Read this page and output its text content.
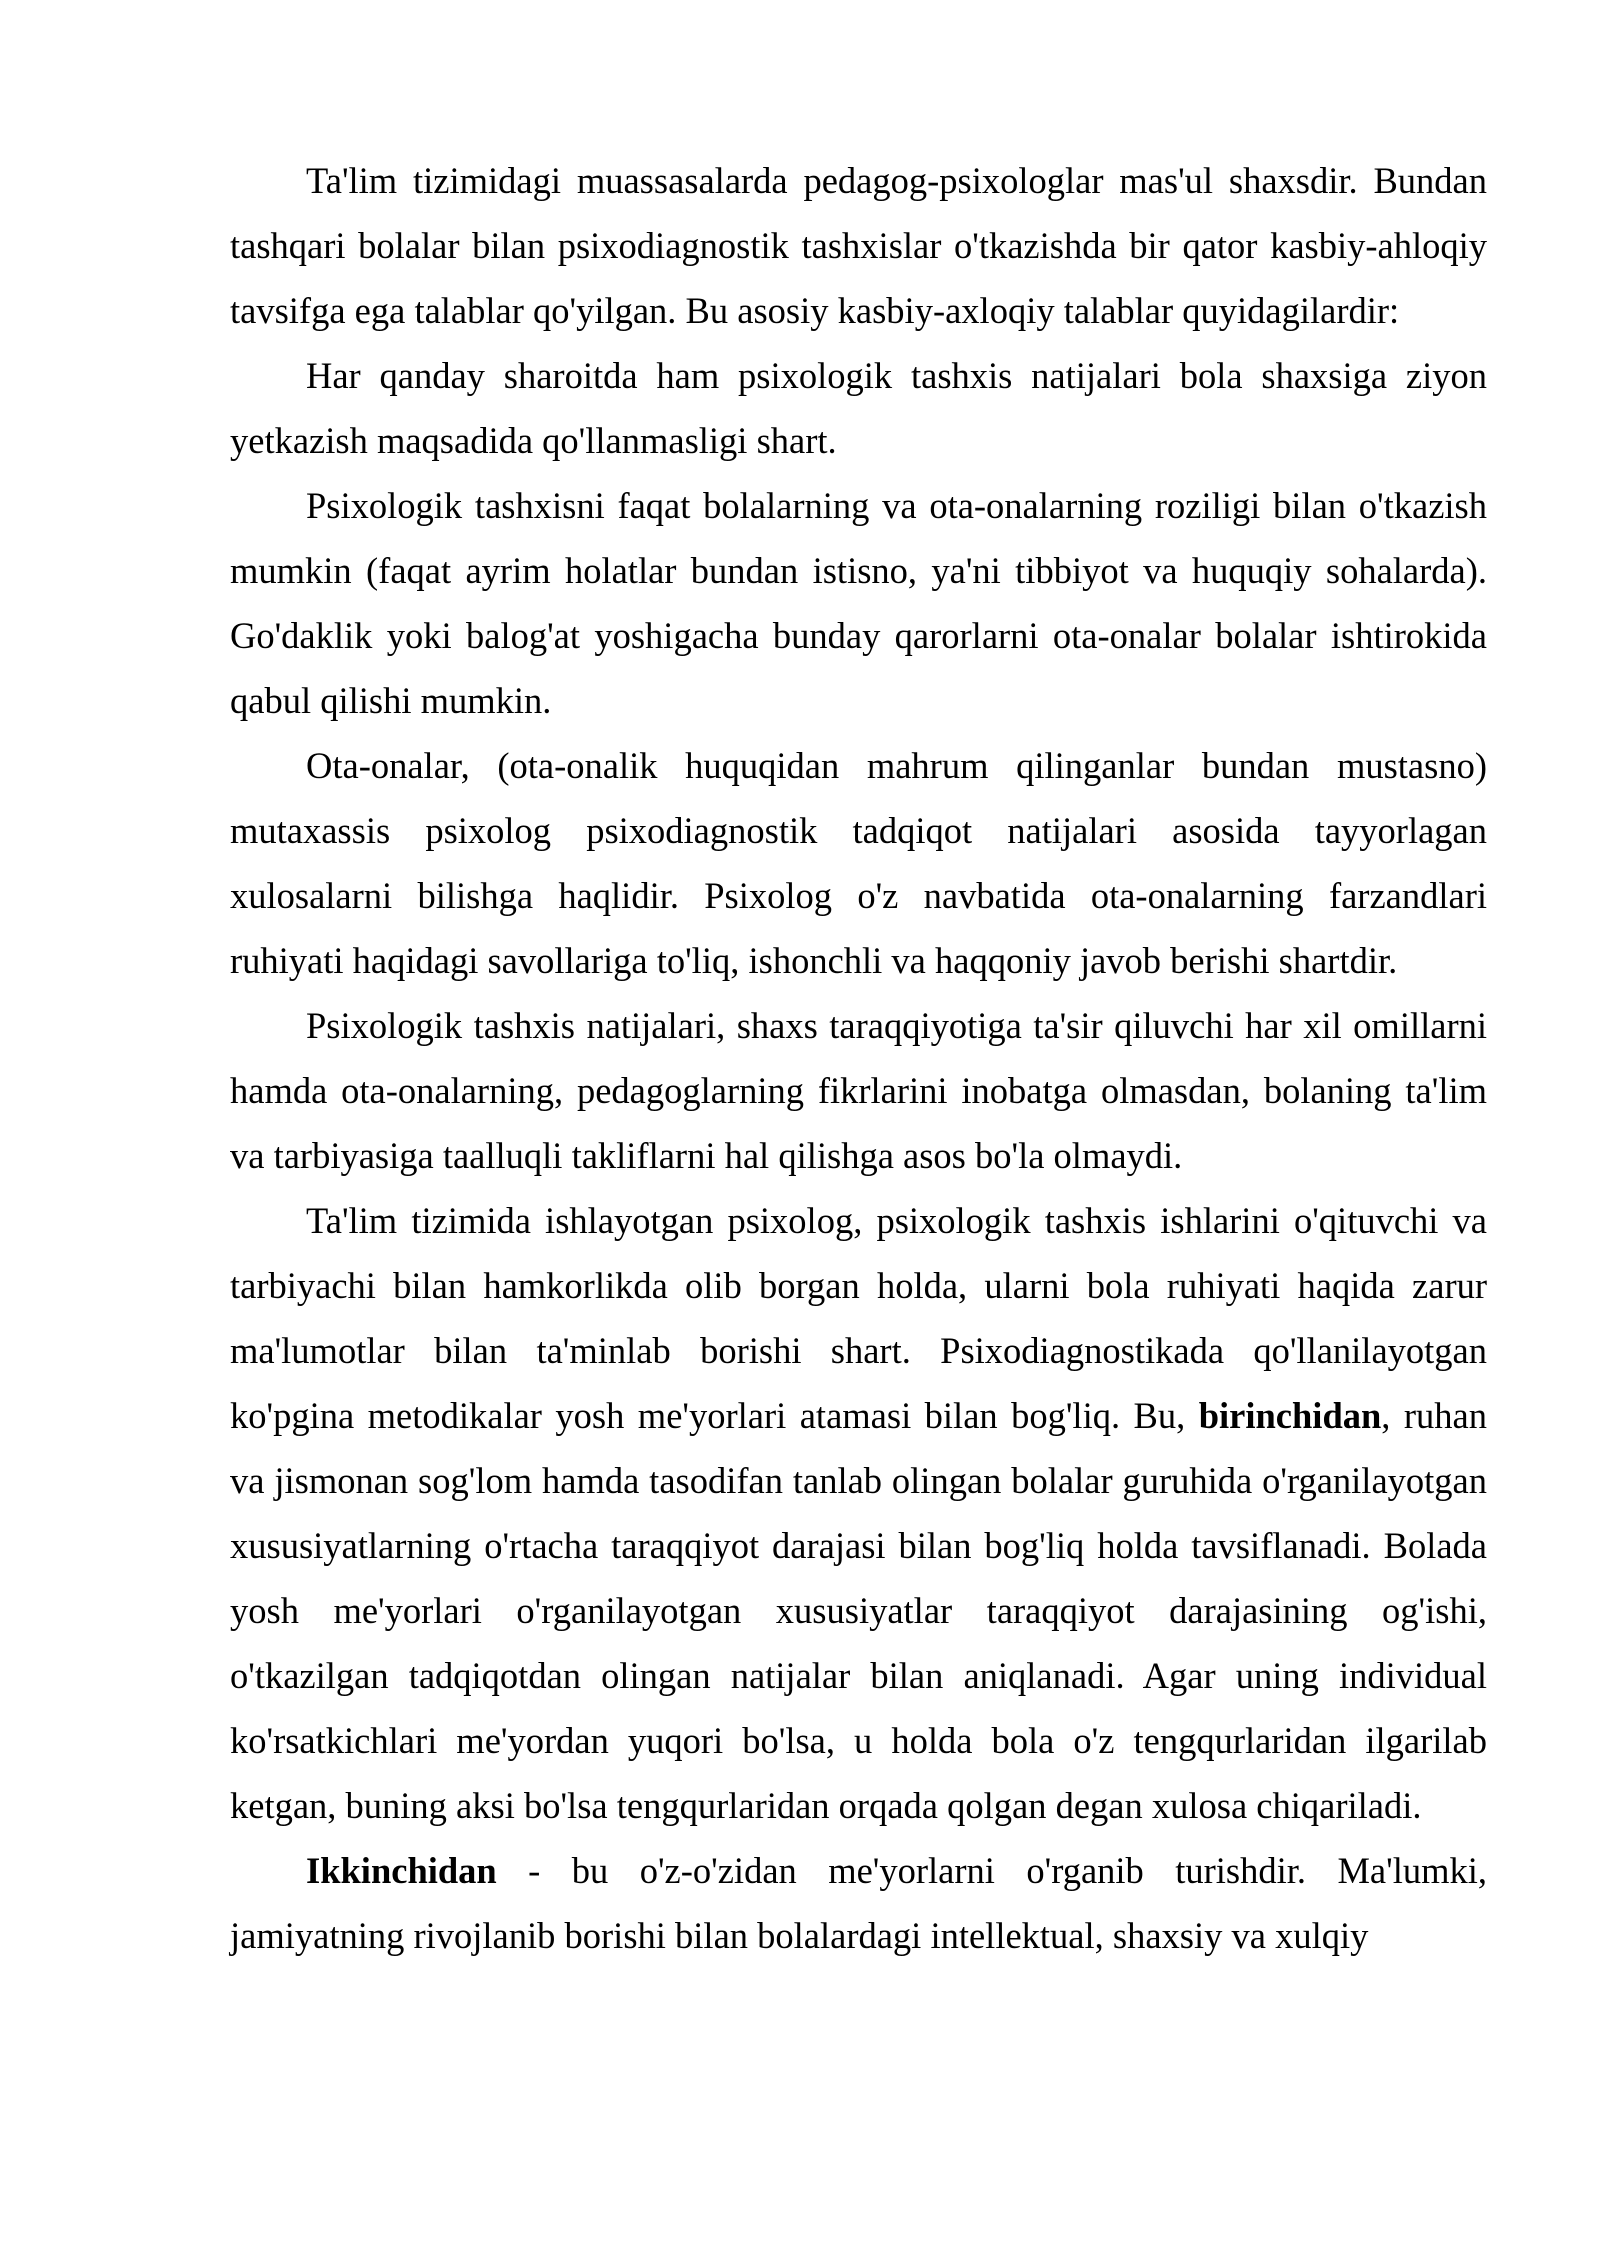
Ta'lim tizimidagi muassasalarda pedagog-psixologlar mas'ul shaxsdir. Bundan tashqari bolalar bilan psixodiagnostik tashxislar o'tkazishda bir qator kasbiy-ahloqiy tavsifga ega talablar qo'yilgan. Bu asosiy kasbiy-axloqiy talablar quyidagilardir:

Har qanday sharoitda ham psixologik tashxis natijalari bola shaxsiga ziyon yetkazish maqsadida qo'llanmasligi shart.

Psixologik tashxisni faqat bolalarning va ota-onalarning roziligi bilan o'tkazish mumkin (faqat ayrim holatlar bundan istisno, ya'ni tibbiyot va huquqiy sohalarda). Go'daklik yoki balog'at yoshigacha bunday qarorlarni ota-onalar bolalar ishtirokida qabul qilishi mumkin.

Ota-onalar, (ota-onalik huquqidan mahrum qilinganlar bundan mustasno) mutaxassis psixolog psixodiagnostik tadqiqot natijalari asosida tayyorlagan xulosalarni bilishga haqlidir. Psixolog o'z navbatida ota-onalarning farzandlari ruhiyati haqidagi savollariga to'liq, ishonchli va haqqoniy javob berishi shartdir.

Psixologik tashxis natijalari, shaxs taraqqiyotiga ta'sir qiluvchi har xil omillarni hamda ota-onalarning, pedagoglarning fikrlarini inobatga olmasdan, bolaning ta'lim va tarbiyasiga taalluqli takliflarni hal qilishga asos bo'la olmaydi.

Ta'lim tizimida ishlayotgan psixolog, psixologik tashxis ishlarini o'qituvchi va tarbiyachi bilan hamkorlikda olib borgan holda, ularni bola ruhiyati haqida zarur ma'lumotlar bilan ta'minlab borishi shart. Psixodiagnostikada qo'llanilayotgan ko'pgina metodikalar yosh me'yorlari atamasi bilan bog'liq. Bu, birinchidan, ruhan va jismonan sog'lom hamda tasodifan tanlab olingan bolalar guruhida o'rganilayotgan xususiyatlarning o'rtacha taraqqiyot darajasi bilan bog'liq holda tavsiflanadi. Bolada yosh me'yorlari o'rganilayotgan xususiyatlar taraqqiyot darajasining og'ishi, o'tkazilgan tadqiqotdan olingan natijalar bilan aniqlanadi. Agar uning individual ko'rsatkichlari me'yordan yuqori bo'lsa, u holda bola o'z tengqurlaridan ilgarilab ketgan, buning aksi bo'lsa tengqurlaridan orqada qolgan degan xulosa chiqariladi.

Ikkinchidan - bu o'z-o'zidan me'yorlarni o'rganib turishdir. Ma'lumki, jamiyatning rivojlanib borishi bilan bolalardagi intellektual, shaxsiy va xulqiy
